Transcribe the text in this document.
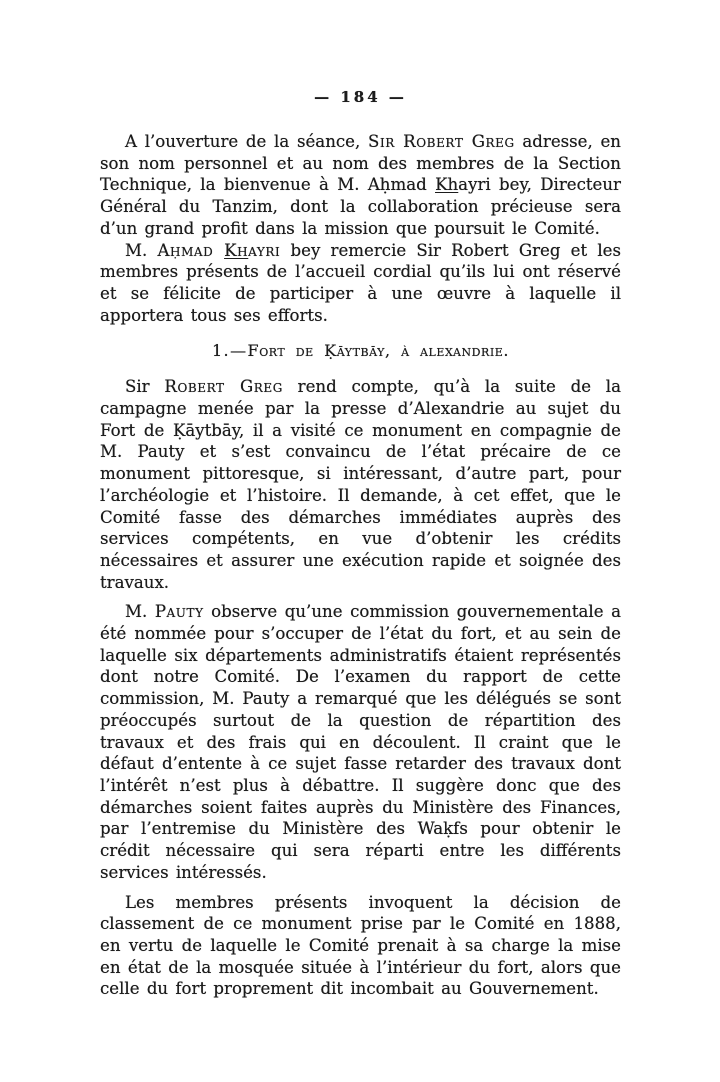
— 184 —

A l’ouverture de la séance, Sir Robert Greg adresse, en son nom personnel et au nom des membres de la Section Technique, la bienvenue à M. Aḥmad Khayri bey, Directeur Général du Tanzim, dont la collaboration précieuse sera d’un grand profit dans la mission que poursuit le Comité.

M. Aḥmad Khayri bey remercie Sir Robert Greg et les membres présents de l’accueil cordial qu’ils lui ont réservé et se félicite de participer à une œuvre à laquelle il apportera tous ses efforts.

1.—Fort de Ḳāytbāy, à alexandrie.

Sir Robert Greg rend compte, qu’à la suite de la campagne menée par la presse d’Alexandrie au sujet du Fort de Ḳāytbāy, il a visité ce monument en compagnie de M. Pauty et s’est convaincu de l’état précaire de ce monument pittoresque, si intéressant, d’autre part, pour l’archéologie et l’histoire. Il demande, à cet effet, que le Comité fasse des démarches immédiates auprès des services compétents, en vue d’obtenir les crédits nécessaires et assurer une exécution rapide et soignée des travaux.

M. Pauty observe qu’une commission gouvernementale a été nommée pour s’occuper de l’état du fort, et au sein de laquelle six départements administratifs étaient représentés dont notre Comité. De l’examen du rapport de cette commission, M. Pauty a remarqué que les délégués se sont préoccupés surtout de la question de répartition des travaux et des frais qui en découlent. Il craint que le défaut d’entente à ce sujet fasse retarder des travaux dont l’intérêt n’est plus à débattre. Il suggère donc que des démarches soient faites auprès du Ministère des Finances, par l’entremise du Ministère des Waḳfs pour obtenir le crédit nécessaire qui sera réparti entre les différents services intéressés.

Les membres présents invoquent la décision de classement de ce monument prise par le Comité en 1888, en vertu de laquelle le Comité prenait à sa charge la mise en état de la mosquée située à l’intérieur du fort, alors que celle du fort proprement dit incombait au Gouvernement.
